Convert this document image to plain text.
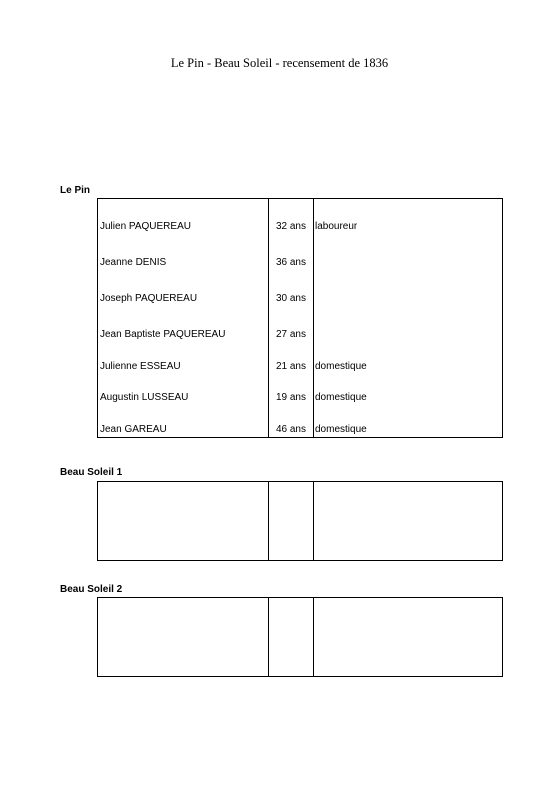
Le Pin - Beau Soleil - recensement de 1836
Le Pin
Julien PAQUEREAU	32 ans laboureur
Jeanne DENIS	36 ans
Joseph PAQUEREAU	30 ans
Jean Baptiste PAQUEREAU	27 ans
Julienne ESSEAU	21 ans domestique
Augustin LUSSEAU	19 ans domestique
Jean GAREAU	46 ans domestique
Beau Soleil 1
Beau Soleil 2
